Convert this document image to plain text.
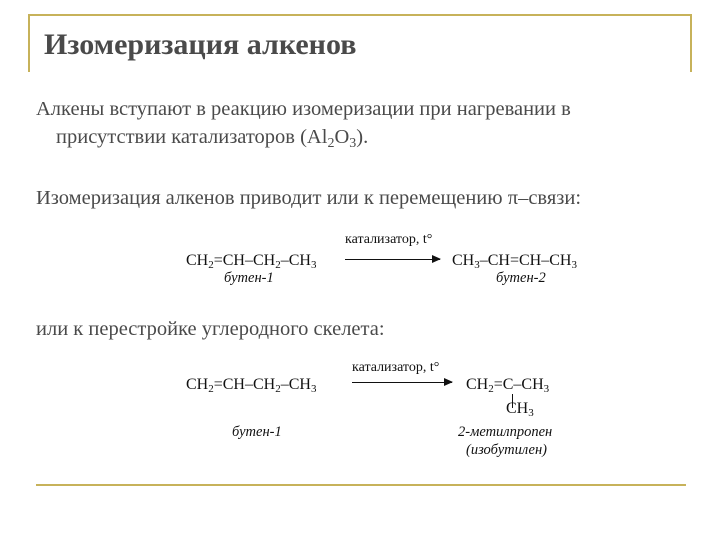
Изомеризация алкенов
Алкены вступают в реакцию изомеризации при нагревании в
присутствии катализаторов $(Al_2O_3)$.
Изомеризация алкенов приводит или к перемещению π–связи:
катализатор, t°
$CH_2=CH-CH_2-CH_3$	$CH_3-CH=CH-CH_3$
бутен-1	бутен-2
или к перестройке углеродного скелета:
катализатор, t°
$CH_2=CH-CH_2-CH_3$	$CH_2=C-CH_3$
$CH_3$
бутен-1	2-метилпропен
(изобутилен)
